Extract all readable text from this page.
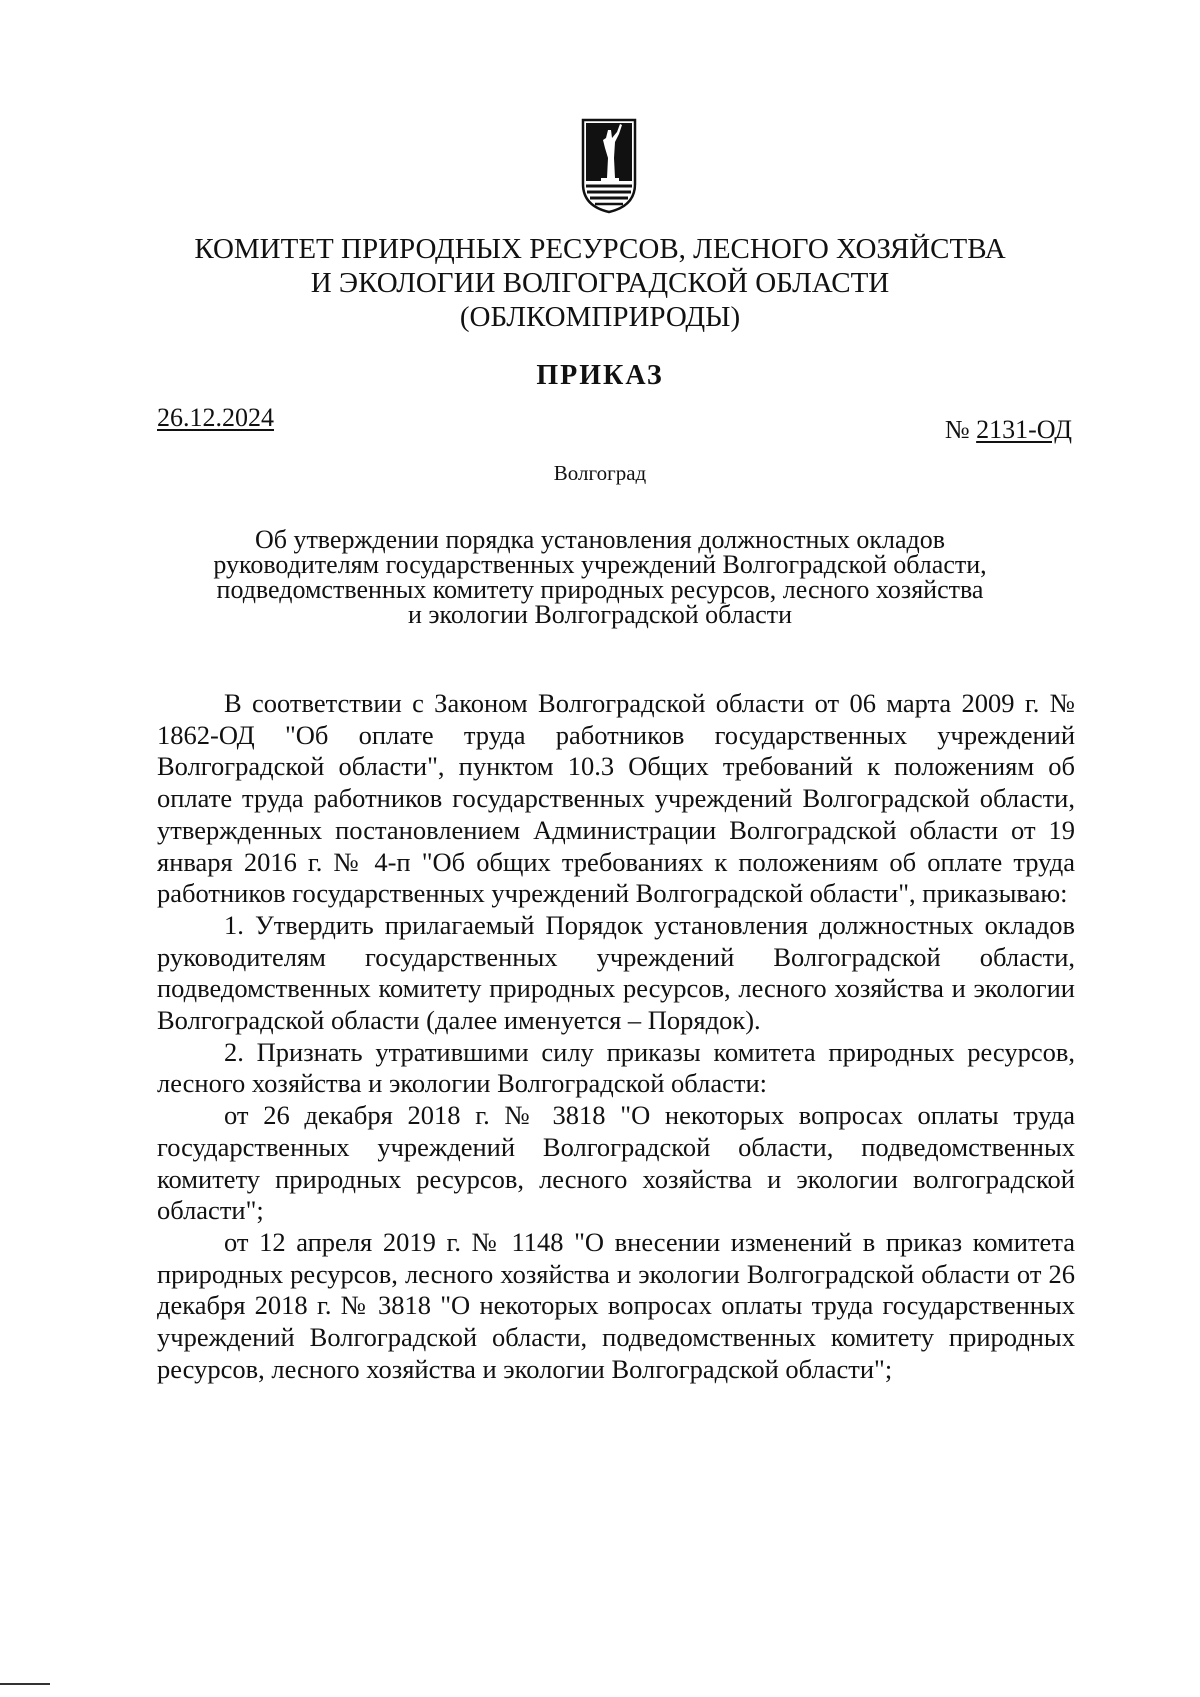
КОМИТЕТ ПРИРОДНЫХ РЕСУРСОВ, ЛЕСНОГО ХОЗЯЙСТВА
И ЭКОЛОГИИ ВОЛГОГРАДСКОЙ ОБЛАСТИ
(ОБЛКОМПРИРОДЫ)
ПРИКАЗ
26.12.2024	№ 2131-ОД
Волгоград
Об утверждении порядка установления должностных окладов
руководителям государственных учреждений Волгоградской области,
подведомственных комитету природных ресурсов, лесного хозяйства
и экологии Волгоградской области

В соответствии с Законом Волгоградской области от 06 марта 2009 г. № 1862-ОД "Об оплате труда работников государственных учреждений Волгоградской области", пунктом 10.3 Общих требований к положениям об оплате труда работников государственных учреждений Волгоградской области, утвержденных постановлением Администрации Волгоградской области от 19 января 2016 г. № 4-п "Об общих требованиях к положениям об оплате труда работников государственных учреждений Волгоградской области", приказываю:

1. Утвердить прилагаемый Порядок установления должностных окладов руководителям государственных учреждений Волгоградской области, подведомственных комитету природных ресурсов, лесного хозяйства и экологии Волгоградской области (далее именуется – Порядок).

2. Признать утратившими силу приказы комитета природных ресурсов, лесного хозяйства и экологии Волгоградской области:

от 26 декабря 2018 г. № 3818 "О некоторых вопросах оплаты труда государственных учреждений Волгоградской области, подведомственных комитету природных ресурсов, лесного хозяйства и экологии волгоградской области";

от 12 апреля 2019 г. № 1148 "О внесении изменений в приказ комитета природных ресурсов, лесного хозяйства и экологии Волгоградской области от 26 декабря 2018 г. № 3818 "О некоторых вопросах оплаты труда государственных учреждений Волгоградской области, подведомственных комитету природных ресурсов, лесного хозяйства и экологии Волгоградской области";
